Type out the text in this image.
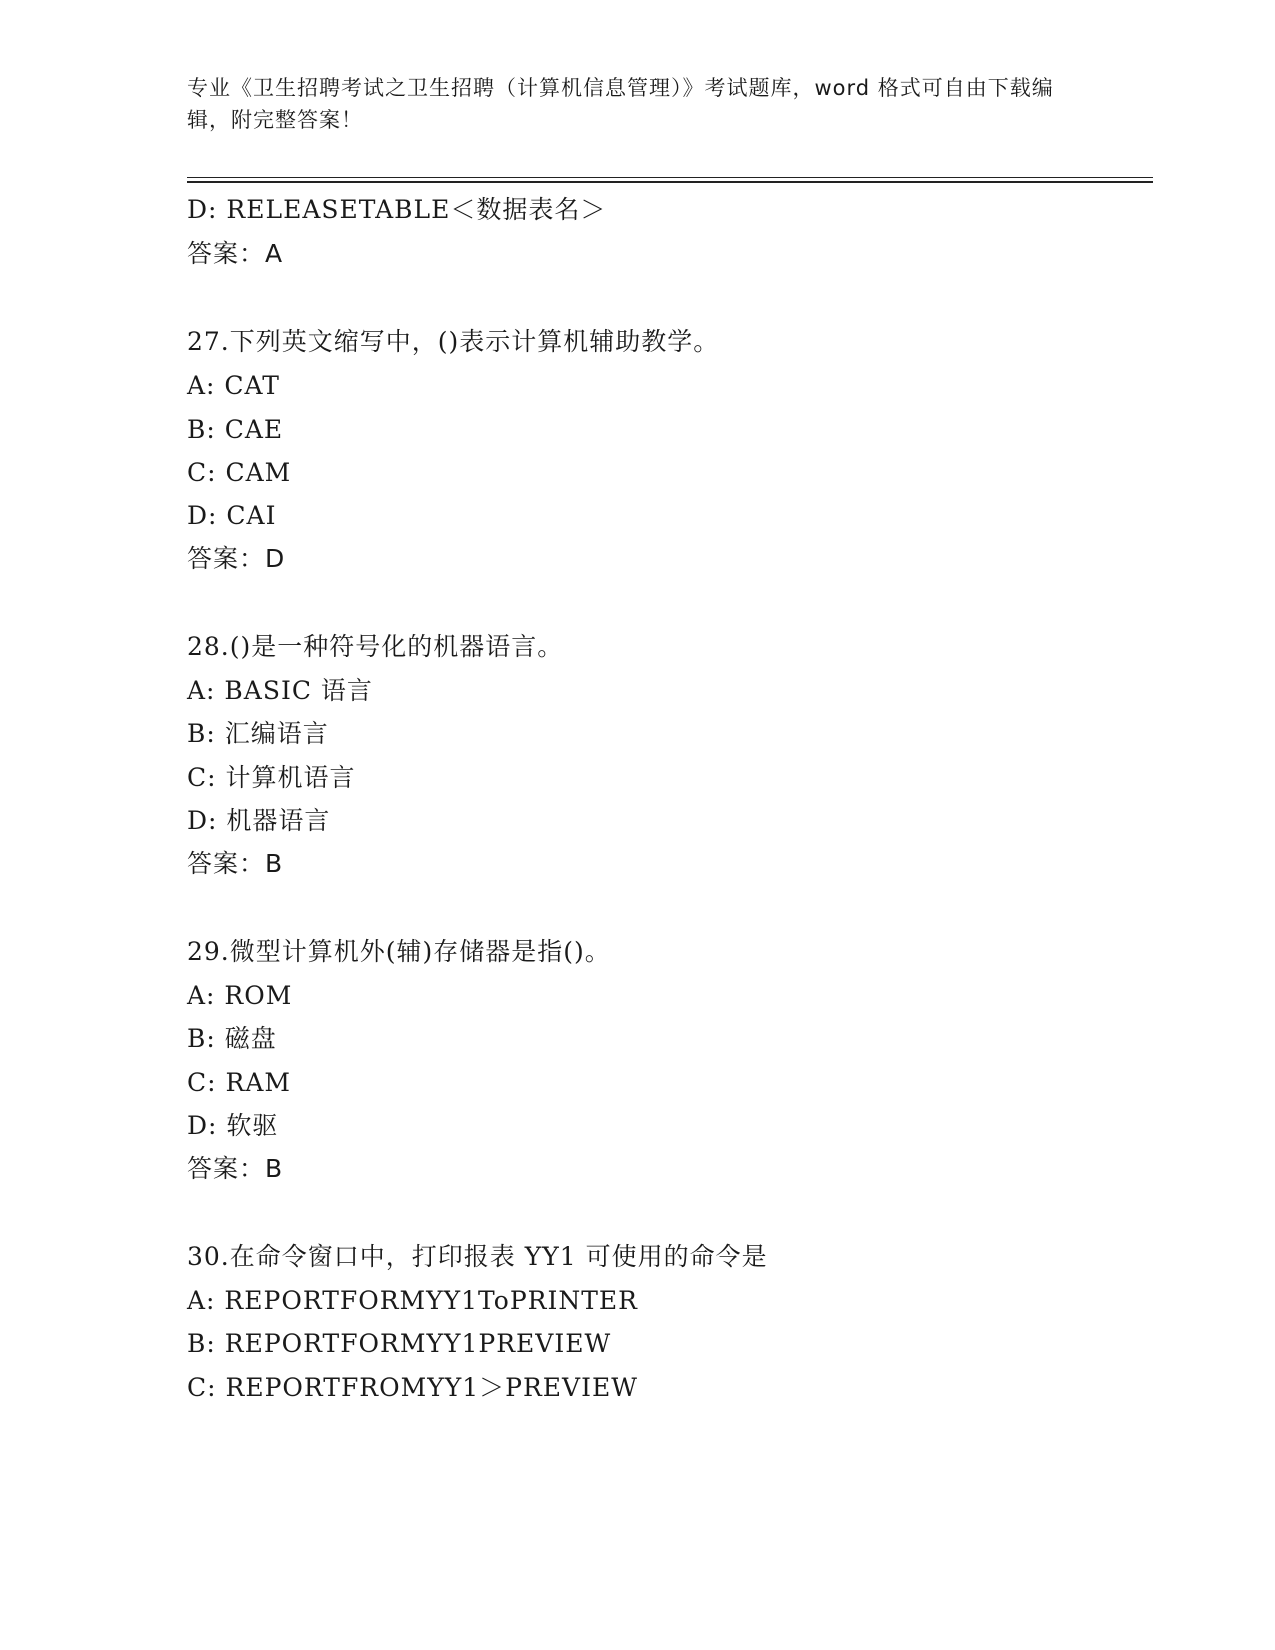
专业《卫生招聘考试之卫生招聘（计算机信息管理）》考试题库，word 格式可自由下载编辑，附完整答案！
D: RELEASETABLE＜数据表名＞
答案：A
27.下列英文缩写中，()表示计算机辅助教学。
A: CAT
B: CAE
C: CAM
D: CAI
答案：D
28.()是一种符号化的机器语言。
A: BASIC 语言
B: 汇编语言
C: 计算机语言
D: 机器语言
答案：B
29.微型计算机外(辅)存储器是指()。
A: ROM
B: 磁盘
C: RAM
D: 软驱
答案：B
30.在命令窗口中，打印报表 YY1 可使用的命令是
A: REPORTFORMYY1ToPRINTER
B: REPORTFORMYY1PREVIEW
C: REPORTFROMYY1＞PREVIEW
